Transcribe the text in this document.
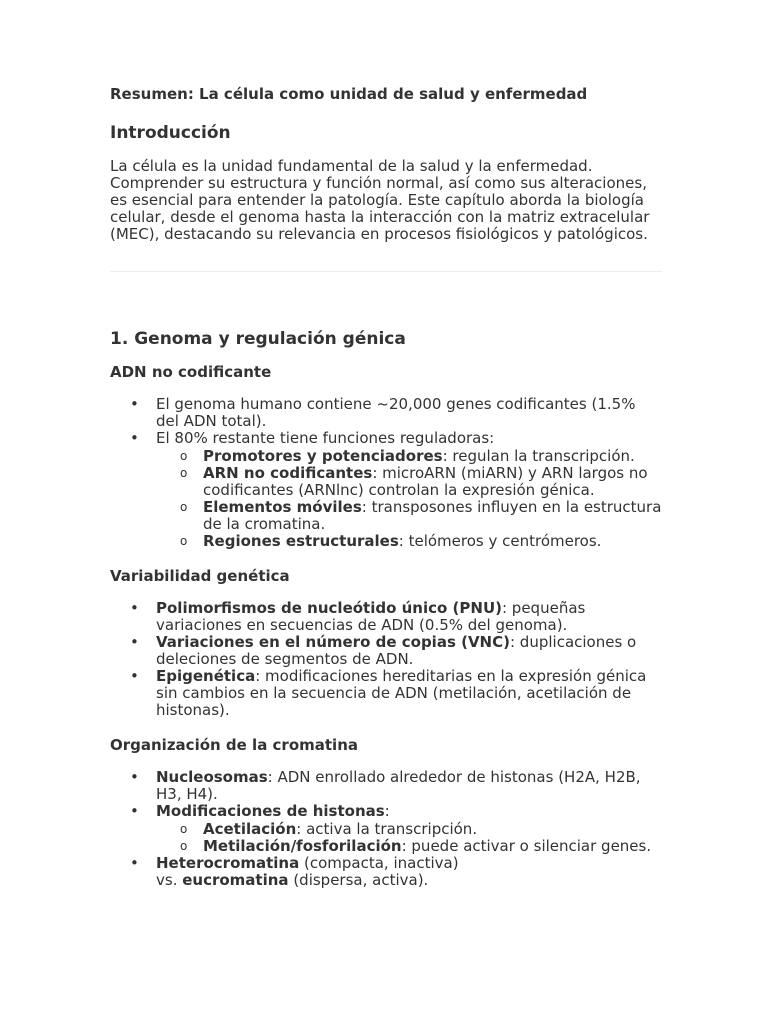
Resumen: La célula como unidad de salud y enfermedad
Introducción

La célula es la unidad fundamental de la salud y la enfermedad. Comprender su estructura y función normal, así como sus alteraciones, es esencial para entender la patología. Este capítulo aborda la biología celular, desde el genoma hasta la interacción con la matriz extracelular (MEC), destacando su relevancia en procesos fisiológicos y patológicos.

1. Genoma y regulación génica
ADN no codificante
• El genoma humano contiene ~20,000 genes codificantes (1.5% del ADN total).
• El 80% restante tiene funciones reguladoras:
o Promotores y potenciadores: regulan la transcripción.
o ARN no codificantes: microARN (miARN) y ARN largos no codificantes (ARNlnc) controlan la expresión génica.
o Elementos móviles: transposones influyen en la estructura de la cromatina.
o Regiones estructurales: telómeros y centrómeros.
Variabilidad genética
• Polimorfismos de nucleótido único (PNU): pequeñas variaciones en secuencias de ADN (0.5% del genoma).
• Variaciones en el número de copias (VNC): duplicaciones o deleciones de segmentos de ADN.
• Epigenética: modificaciones hereditarias en la expresión génica sin cambios en la secuencia de ADN (metilación, acetilación de histonas).
Organización de la cromatina
• Nucleosomas: ADN enrollado alrededor de histonas (H2A, H2B, H3, H4).
• Modificaciones de histonas:
o Acetilación: activa la transcripción.
o Metilación/fosforilación: puede activar o silenciar genes.
• Heterocromatina (compacta, inactiva)
vs. eucromatina (dispersa, activa).
